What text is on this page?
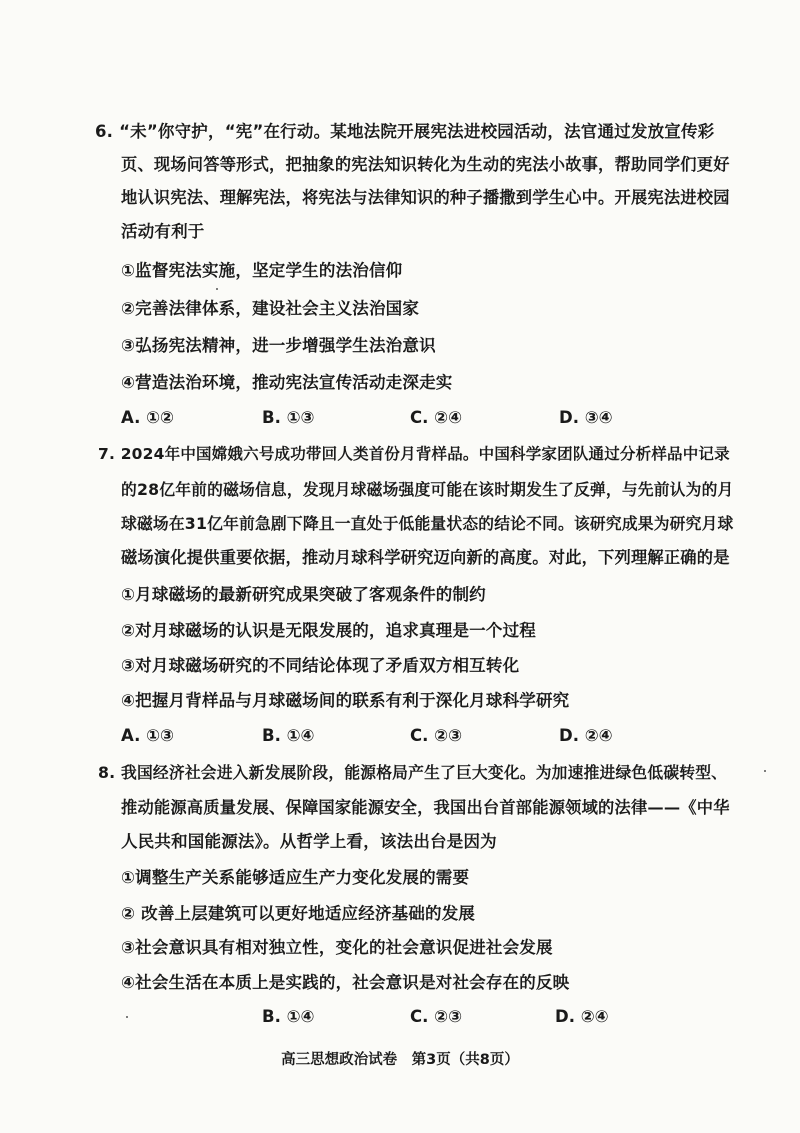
6. “未”你守护，“宪”在行动。某地法院开展宪法进校园活动，法官通过发放宣传彩
页、现场问答等形式，把抽象的宪法知识转化为生动的宪法小故事，帮助同学们更好
地认识宪法、理解宪法，将宪法与法律知识的种子播撒到学生心中。开展宪法进校园
活动有利于
①监督宪法实施，坚定学生的法治信仰
②完善法律体系，建设社会主义法治国家
③弘扬宪法精神，进一步增强学生法治意识
④营造法治环境，推动宪法宣传活动走深走实
A. ①②	B. ①③	C. ②④	D. ③④
7. 2024年中国嫦娥六号成功带回人类首份月背样品。中国科学家团队通过分析样品中记录
的28亿年前的磁场信息，发现月球磁场强度可能在该时期发生了反弹，与先前认为的月
球磁场在31亿年前急剧下降且一直处于低能量状态的结论不同。该研究成果为研究月球
磁场演化提供重要依据，推动月球科学研究迈向新的高度。对此，下列理解正确的是
①月球磁场的最新研究成果突破了客观条件的制约
②对月球磁场的认识是无限发展的，追求真理是一个过程
③对月球磁场研究的不同结论体现了矛盾双方相互转化
④把握月背样品与月球磁场间的联系有利于深化月球科学研究
A. ①③	B. ①④	C. ②③	D. ②④
8. 我国经济社会进入新发展阶段，能源格局产生了巨大变化。为加速推进绿色低碳转型、
推动能源高质量发展、保障国家能源安全，我国出台首部能源领域的法律——《中华
人民共和国能源法》。从哲学上看，该法出台是因为
①调整生产关系能够适应生产力变化发展的需要
② 改善上层建筑可以更好地适应经济基础的发展
③社会意识具有相对独立性，变化的社会意识促进社会发展
④社会生活在本质上是实践的，社会意识是对社会存在的反映
B. ①④	C. ②③	D. ②④
高三思想政治试卷　第3页（共8页）
